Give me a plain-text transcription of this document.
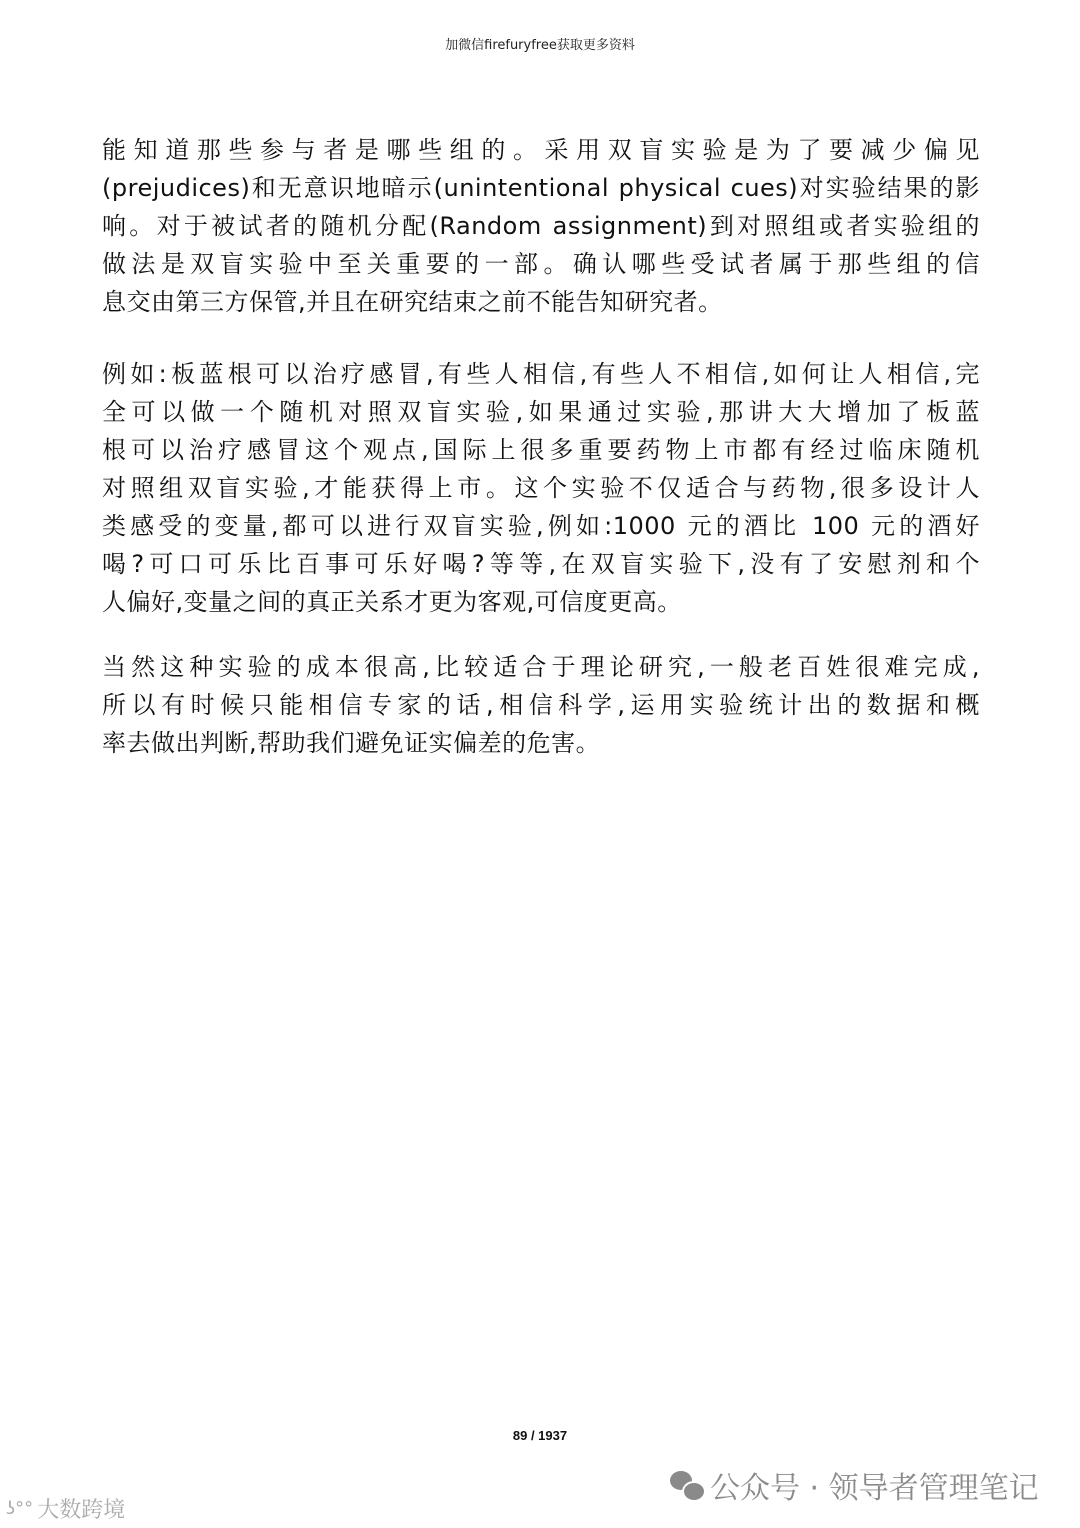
加微信firefuryfree获取更多资料
能知道那些参与者是哪些组的。采用双盲实验是为了要减少偏见
(prejudices)和无意识地暗示(unintentional physical cues)对实验结果的影
响。对于被试者的随机分配(Random assignment)到对照组或者实验组的
做法是双盲实验中至关重要的一部。确认哪些受试者属于那些组的信
息交由第三方保管,并且在研究结束之前不能告知研究者。
例如:板蓝根可以治疗感冒,有些人相信,有些人不相信,如何让人相信,完
全可以做一个随机对照双盲实验,如果通过实验,那讲大大增加了板蓝
根可以治疗感冒这个观点,国际上很多重要药物上市都有经过临床随机
对照组双盲实验,才能获得上市。这个实验不仅适合与药物,很多设计人
类感受的变量,都可以进行双盲实验,例如:1000 元的酒比 100 元的酒好
喝?可口可乐比百事可乐好喝?等等,在双盲实验下,没有了安慰剂和个
人偏好,变量之间的真正关系才更为客观,可信度更高。
当然这种实验的成本很高,比较适合于理论研究,一般老百姓很难完成,
所以有时候只能相信专家的话,相信科学,运用实验统计出的数据和概
率去做出判断,帮助我们避免证实偏差的危害。
89 / 1937
公众号 · 领导者管理笔记
ʖ°° 大数跨境
